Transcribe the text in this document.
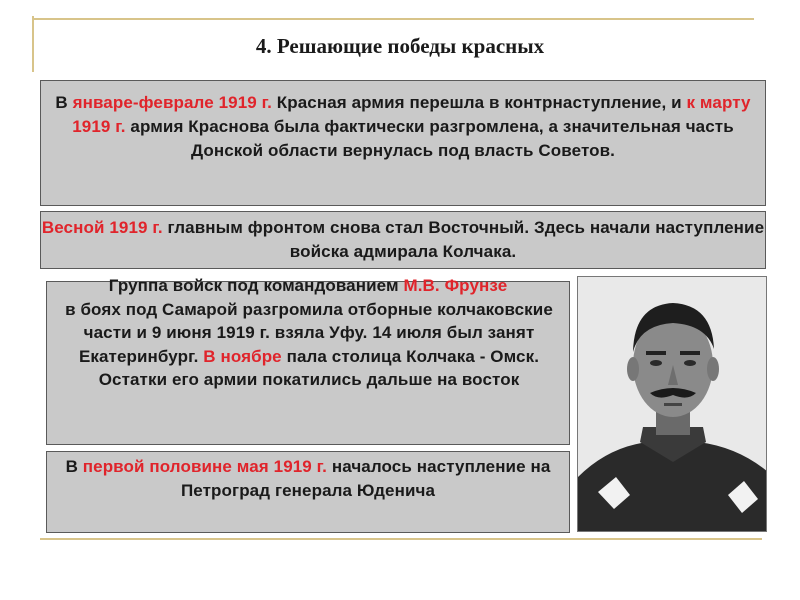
4. Решающие победы красных
В январе-феврале 1919 г. Красная армия перешла в контрнаступление, и к марту 1919 г. армия Краснова была фактически разгромлена, а значительная часть Донской области вернулась под власть Советов.
Весной 1919 г. главным фронтом снова стал Восточный. Здесь начали наступление войска адмирала Колчака.
Группа войск под командованием М.В. Фрунзе
в боях под Самарой разгромила отборные колчаковские части и 9 июня 1919 г. взяла Уфу. 14 июля был занят Екатеринбург. В ноябре пала столица Колчака - Омск. Остатки его армии покатились дальше на восток
В первой половине мая 1919 г. началось наступление на Петроград генерала Юденича
